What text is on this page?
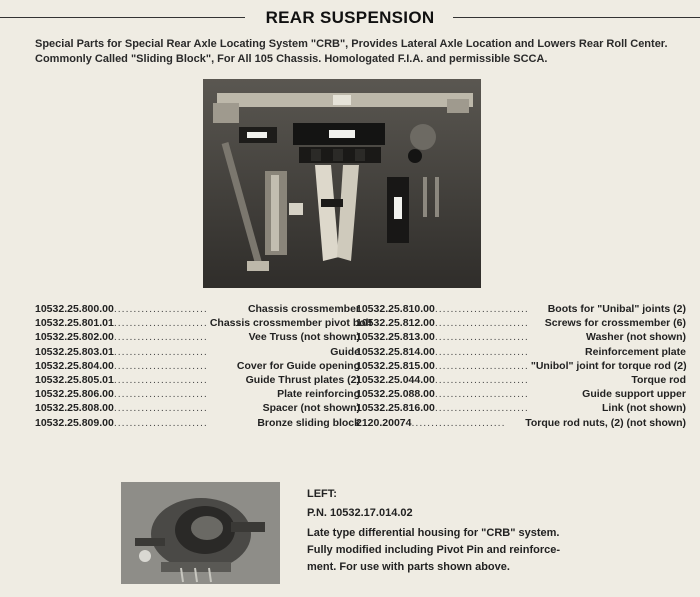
REAR SUSPENSION
Special Parts for Special Rear Axle Locating System "CRB", Provides Lateral Axle Location and Lowers Rear Roll Center. Commonly Called "Sliding Block", For All 105 Chassis. Homologated F.I.A. and permissible SCCA.
10532.25.800.00 ........................	Chassis crossmember
10532.25.801.01 ........................ Chassis crossmember pivot bolt
10532.25.802.00 ........................	Vee Truss (not shown)
10532.25.803.01 ........................	Guide
10532.25.804.00 ........................	Cover for Guide opening
10532.25.805.01 ........................	Guide Thrust plates (2)
10532.25.806.00 ........................	Plate reinforcing
10532.25.808.00 ........................	Spacer (not shown)
10532.25.809.00 ........................	Bronze sliding block
10532.25.810.00 ........................	Boots for "Unibal" joints (2)
10532.25.812.00 ........................	Screws for crossmember (6)
10532.25.813.00 ........................	Washer (not shown)
10532.25.814.00 ........................	Reinforcement plate
10532.25.815.00 ........................ "Unibol" joint for torque rod (2)
10532.25.044.00 ........................	Torque rod
10532.25.088.00 ........................	Guide support upper
10532.25.816.00 ........................	Link (not shown)
2120.20074 ........................	Torque rod nuts, (2) (not shown)
LEFT:
P.N. 10532.17.014.02
Late type differential housing for "CRB" system.
Fully modified including Pivot Pin and reinforce-
ment. For use with parts shown above.
